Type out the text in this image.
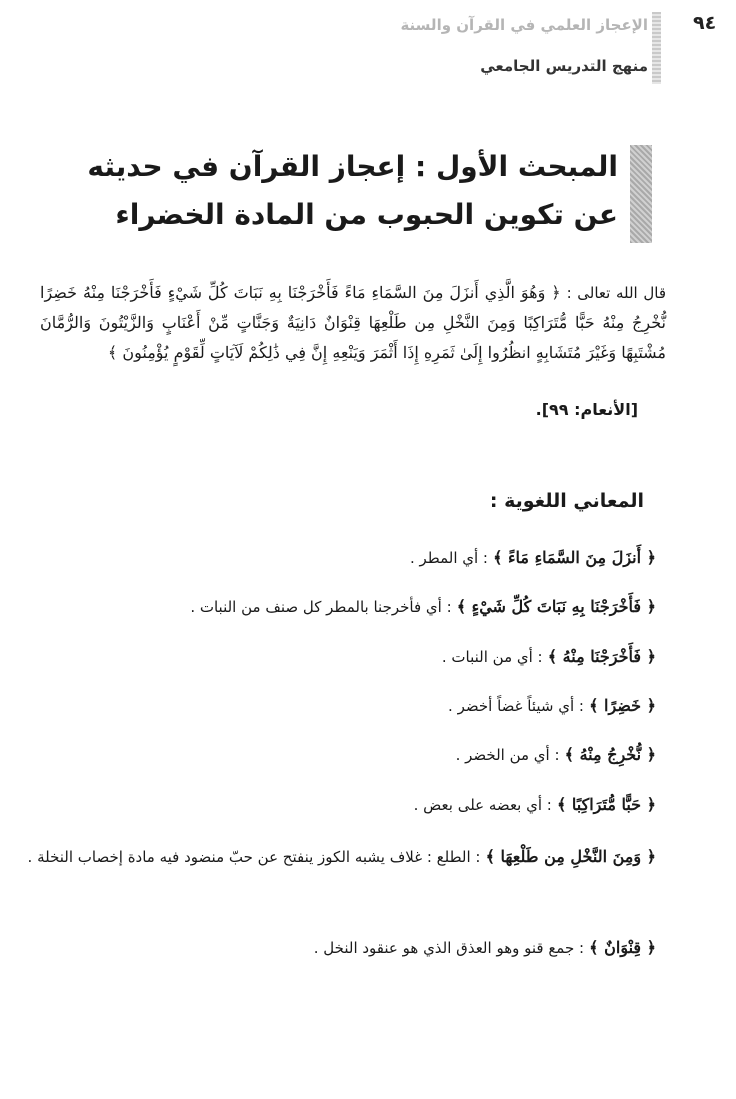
٩٤
الإعجاز العلمي في القرآن والسنة
منهج التدريس الجامعي
المبحث الأول : إعجاز القرآن في حديثه
عن تكوين الحبوب من المادة الخضراء
قال الله تعالى : ﴿ وَهُوَ الَّذِي أَنزَلَ مِنَ السَّمَاءِ مَاءً فَأَخْرَجْنَا بِهِ نَبَاتَ كُلِّ شَيْءٍ فَأَخْرَجْنَا مِنْهُ خَضِرًا نُّخْرِجُ مِنْهُ حَبًّا مُّتَرَاكِبًا وَمِنَ النَّخْلِ مِن طَلْعِهَا قِنْوَانٌ دَانِيَةٌ وَجَنَّاتٍ مِّنْ أَعْنَابٍ وَالزَّيْتُونَ وَالرُّمَّانَ مُشْتَبِهًا وَغَيْرَ مُتَشَابِهٍ انظُرُوا إِلَىٰ ثَمَرِهِ إِذَا أَثْمَرَ وَيَنْعِهِ إِنَّ فِي ذَٰلِكُمْ لَآيَاتٍ لِّقَوْمٍ يُؤْمِنُونَ ﴾
[الأنعام: ٩٩].
المعاني اللغوية :
﴿ أَنزَلَ مِنَ السَّمَاءِ مَاءً ﴾ : أي المطر .
﴿ فَأَخْرَجْنَا بِهِ نَبَاتَ كُلِّ شَيْءٍ ﴾ : أي فأخرجنا بالمطر كل صنف من النبات .
﴿ فَأَخْرَجْنَا مِنْهُ ﴾ : أي من النبات .
﴿ خَضِرًا ﴾ : أي شيئاً غضاً أخضر .
﴿ نُّخْرِجُ مِنْهُ ﴾ : أي من الخضر .
﴿ حَبًّا مُّتَرَاكِبًا ﴾ : أي بعضه على بعض .
﴿ وَمِنَ النَّخْلِ مِن طَلْعِهَا ﴾ : الطلع : غلاف يشبه الكوز ينفتح عن حبّ منضود فيه مادة إخصاب النخلة .
﴿ قِنْوَانٌ ﴾ : جمع قنو وهو العذق الذي هو عنقود النخل .
